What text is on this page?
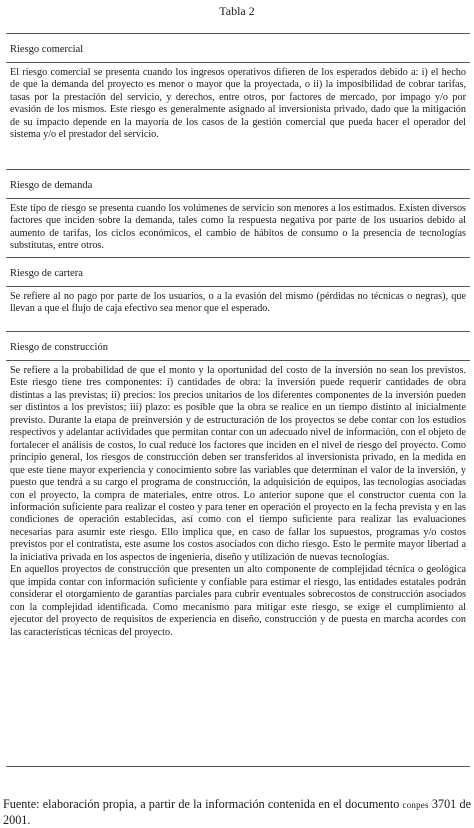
Tabla 2
Riesgo comercial

El riesgo comercial se presenta cuando los ingresos operativos difieren de los esperados debido a: i) el hecho de que la demanda del proyecto es menor o mayor que la proyectada, o ii) la imposibilidad de cobrar tarifas, tasas por la prestación del servicio, y derechos, entre otros, por factores de mercado, por impago y/o por evasión de los mismos. Este riesgo es generalmente asignado al inversionista privado, dado que la mitigación de su impacto depende en la mayoría de los casos de la gestión comercial que pueda hacer el operador del sistema y/o el prestador del servicio.

Riesgo de demanda

Este tipo de riesgo se presenta cuando los volúmenes de servicio son menores a los estimados. Existen diversos factores que inciden sobre la demanda, tales como la respuesta negativa por parte de los usuarios debido al aumento de tarifas, los ciclos económicos, el cambio de hábitos de consumo o la presencia de tecnologías substitutas, entre otros.

Riesgo de cartera

Se refiere al no pago por parte de los usuarios, o a la evasión del mismo (pérdidas no técnicas o negras), que llevan a que el flujo de caja efectivo sea menor que el esperado.

Riesgo de construcción

Se refiere a la probabilidad de que el monto y la oportunidad del costo de la inversión no sean los previstos. Este riesgo tiene tres componentes: i) cantidades de obra: la inversión puede requerir cantidades de obra distintas a las previstas; ii) precios: los precios unitarios de los diferentes componentes de la inversión pueden ser distintos a los previstos; iii) plazo: es posible que la obra se realice en un tiempo distinto al inicialmente previsto. Durante la etapa de preinversión y de estructuración de los proyectos se debe contar con los estudios respectivos y adelantar actividades que permitan contar con un adecuado nivel de información, con el objeto de fortalecer el análisis de costos, lo cual reduce los factores que inciden en el nivel de riesgo del proyecto. Como principio general, los riesgos de construcción deben ser transferidos al inversionista privado, en la medida en que este tiene mayor experiencia y conocimiento sobre las variables que determinan el valor de la inversión, y puesto que tendrá a su cargo el programa de construcción, la adquisición de equipos, las tecnologías asociadas con el proyecto, la compra de materiales, entre otros. Lo anterior supone que el constructor cuenta con la información suficiente para realizar el costeo y para tener en operación el proyecto en la fecha prevista y en las condiciones de operación establecidas, así como con el tiempo suficiente para realizar las evaluaciones necesarias para asumir este riesgo. Ello implica que, en caso de fallar los supuestos, programas y/o costos previstos por el contratista, este asume los costos asociados con dicho riesgo. Esto le permite mayor libertad a la iniciativa privada en los aspectos de ingeniería, diseño y utilización de nuevas tecnologías.

En aquellos proyectos de construcción que presenten un alto componente de complejidad técnica o geológica que impida contar con información suficiente y confiable para estimar el riesgo, las entidades estatales podrán considerar el otorgamiento de garantías parciales para cubrir eventuales sobrecostos de construcción asociados con la complejidad identificada. Como mecanismo para mitigar este riesgo, se exige el cumplimiento al ejecutor del proyecto de requisitos de experiencia en diseño, construcción y de puesta en marcha acordes con las características técnicas del proyecto.

Fuente: elaboración propia, a partir de la información contenida en el documento conpes 3701 de 2001.
